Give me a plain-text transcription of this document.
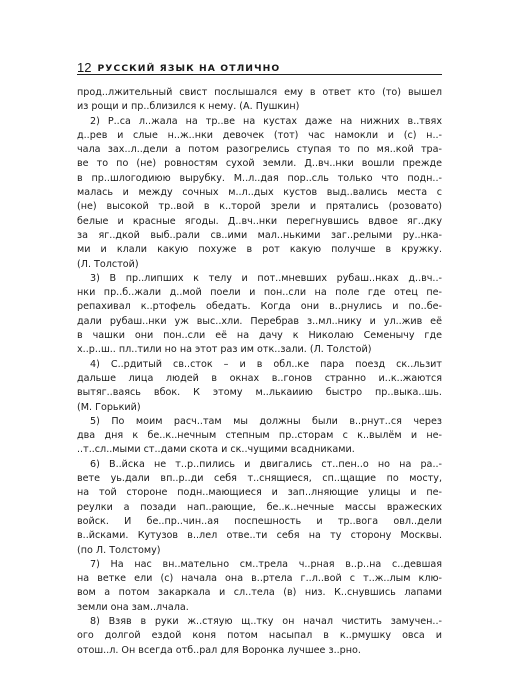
12 РУССКИЙ ЯЗЫК НА ОТЛИЧНО
прод..лжительный свист послышался ему в ответ кто (то) вышел
из рощи и пр..близился к нему. (А. Пушкин)
2) Р..са л..жала на тр..ве на кустах даже на нижних в..твях
д..рев и слые н..ж..нки девочек (тот) час намокли и (с) н..-
чала зах..л..дели а потом разогрелись ступая то по мя..кой тра-
ве то по (не) ровностям сухой земли. Д..вч..нки вошли прежде
в пр..шлогодиюю вырубку. М..л..дая пор..сль только что подн..-
малась и между сочных м..л..дых кустов выд..вались места с
(не) высокой тр..вой в к..торой зрели и прятались (розовато)
белые и красные ягоды. Д..вч..нки перегнувшись вдвое яг..дку
за яг..дкой выб..рали св..ими мал..нькими заг..релыми ру..нка-
ми и клали какую похуже в рот какую получше в кружку.
(Л. Толстой)
3) В пр..липших к телу и пот..мневших рубаш..нках д..вч..-
нки пр..б..жали д..мой поели и пон..сли на поле где отец пе-
репахивал к..ртофель обедать. Когда они в..рнулись и по..бе-
дали рубаш..нки уж выс..хли. Перебрав з..мл..нику и ул..жив её
в чашки они пон..сли её на дачу к Николаю Семенычу где
х..р..ш.. пл..тили но на этот раз им отк..зали. (Л. Толстой)
4) С..рдитый св..сток – и в обл..ке пара поезд ск..льзит
дальше лица людей в окнах в..гонов странно и..к..жаются
вытяг..ваясь вбок. К этому м..лькаиию быстро пр..выка..шь.
(М. Горький)
5) По моим расч..там мы должны были в..рнут..ся через
два дня к бе..к..нечным степным пр..сторам с к..вылём и не-
..т..сл..мыми ст..дами скота и ск..чущими всадниками.
6) В..йска не т..р..пились и двигались ст..пен..о но на ра..-
вете уь.дали вп..р..ди себя т..снящиеся, сп..щащие по мосту,
на той стороне подн..мающиеся и зап..лняющие улицы и пе-
реулки а позади нап..рающие, бе..к..нечные массы вражеских
войск. И бе..пр..чин..ая поспешность и тр..вога овл..дели
в..йсками. Кутузов в..лел отве..ти себя на ту сторону Москвы.
(по Л. Толстому)
7) На нас вн..мательно см..трела ч..рная в..р..на с..девшая
на ветке ели (с) начала она в..ртела г..л..вой с т..ж..лым клю-
вом а потом закаркала и сл..тела (в) низ. К..снувшись лапами
земли она зам..лчала.
8) Взяв в руки ж..стяую щ..тку он начал чистить замучен..-
ого долгой ездой коня потом насыпал в к..рмушку овса и
отош..л. Он всегда отб..рал для Воронка лучшее з..рно.
